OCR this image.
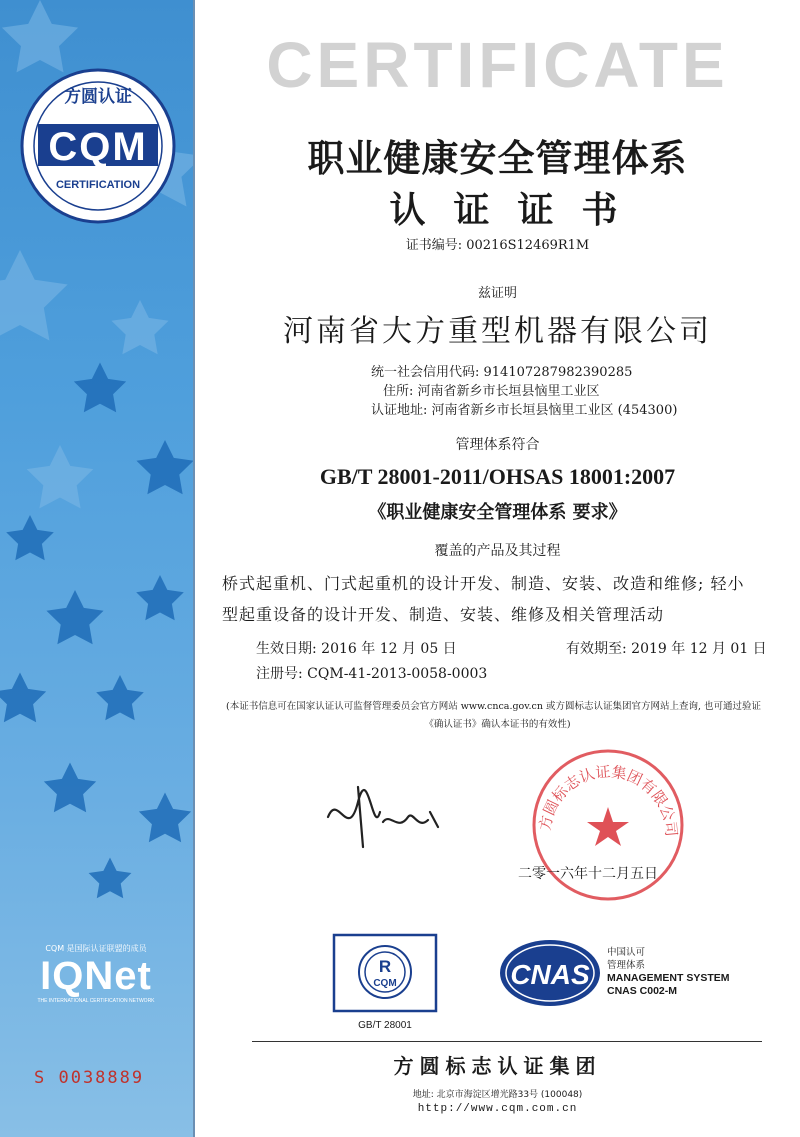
方圆认证
CQM
CERTIFICATION
CQM 是国际认证联盟的成员
IQNet
THE INTERNATIONAL CERTIFICATION NETWORK
S 0038889
CERTIFICATE
职业健康安全管理体系
认证证书
证书编号: 00216S12469R1M
兹证明
河南省大方重型机器有限公司
统一社会信用代码: 914107287982390285
住所: 河南省新乡市长垣县恼里工业区
认证地址: 河南省新乡市长垣县恼里工业区 (454300)
管理体系符合
GB/T 28001-2011/OHSAS 18001:2007
《职业健康安全管理体系 要求》
覆盖的产品及其过程
桥式起重机、门式起重机的设计开发、制造、安装、改造和维修; 轻小
型起重设备的设计开发、制造、安装、维修及相关管理活动
生效日期: 2016 年 12 月 05 日	有效期至: 2019 年 12 月 01 日
注册号: CQM-41-2013-0058-0003
(本证书信息可在国家认证认可监督管理委员会官方网站 www.cnca.gov.cn 或方圆标志认证集团官方网站上查询, 也可通过验证
《确认证书》确认本证书的有效性)
方圆标志认证集团有限公司
二零一六年十二月五日
R
CQM
GB/T 28001
CNAS
中国认可
管理体系
MANAGEMENT SYSTEM
CNAS C002-M
方圆标志认证集团
地址: 北京市海淀区增光路33号 (100048)
http://www.cqm.com.cn
